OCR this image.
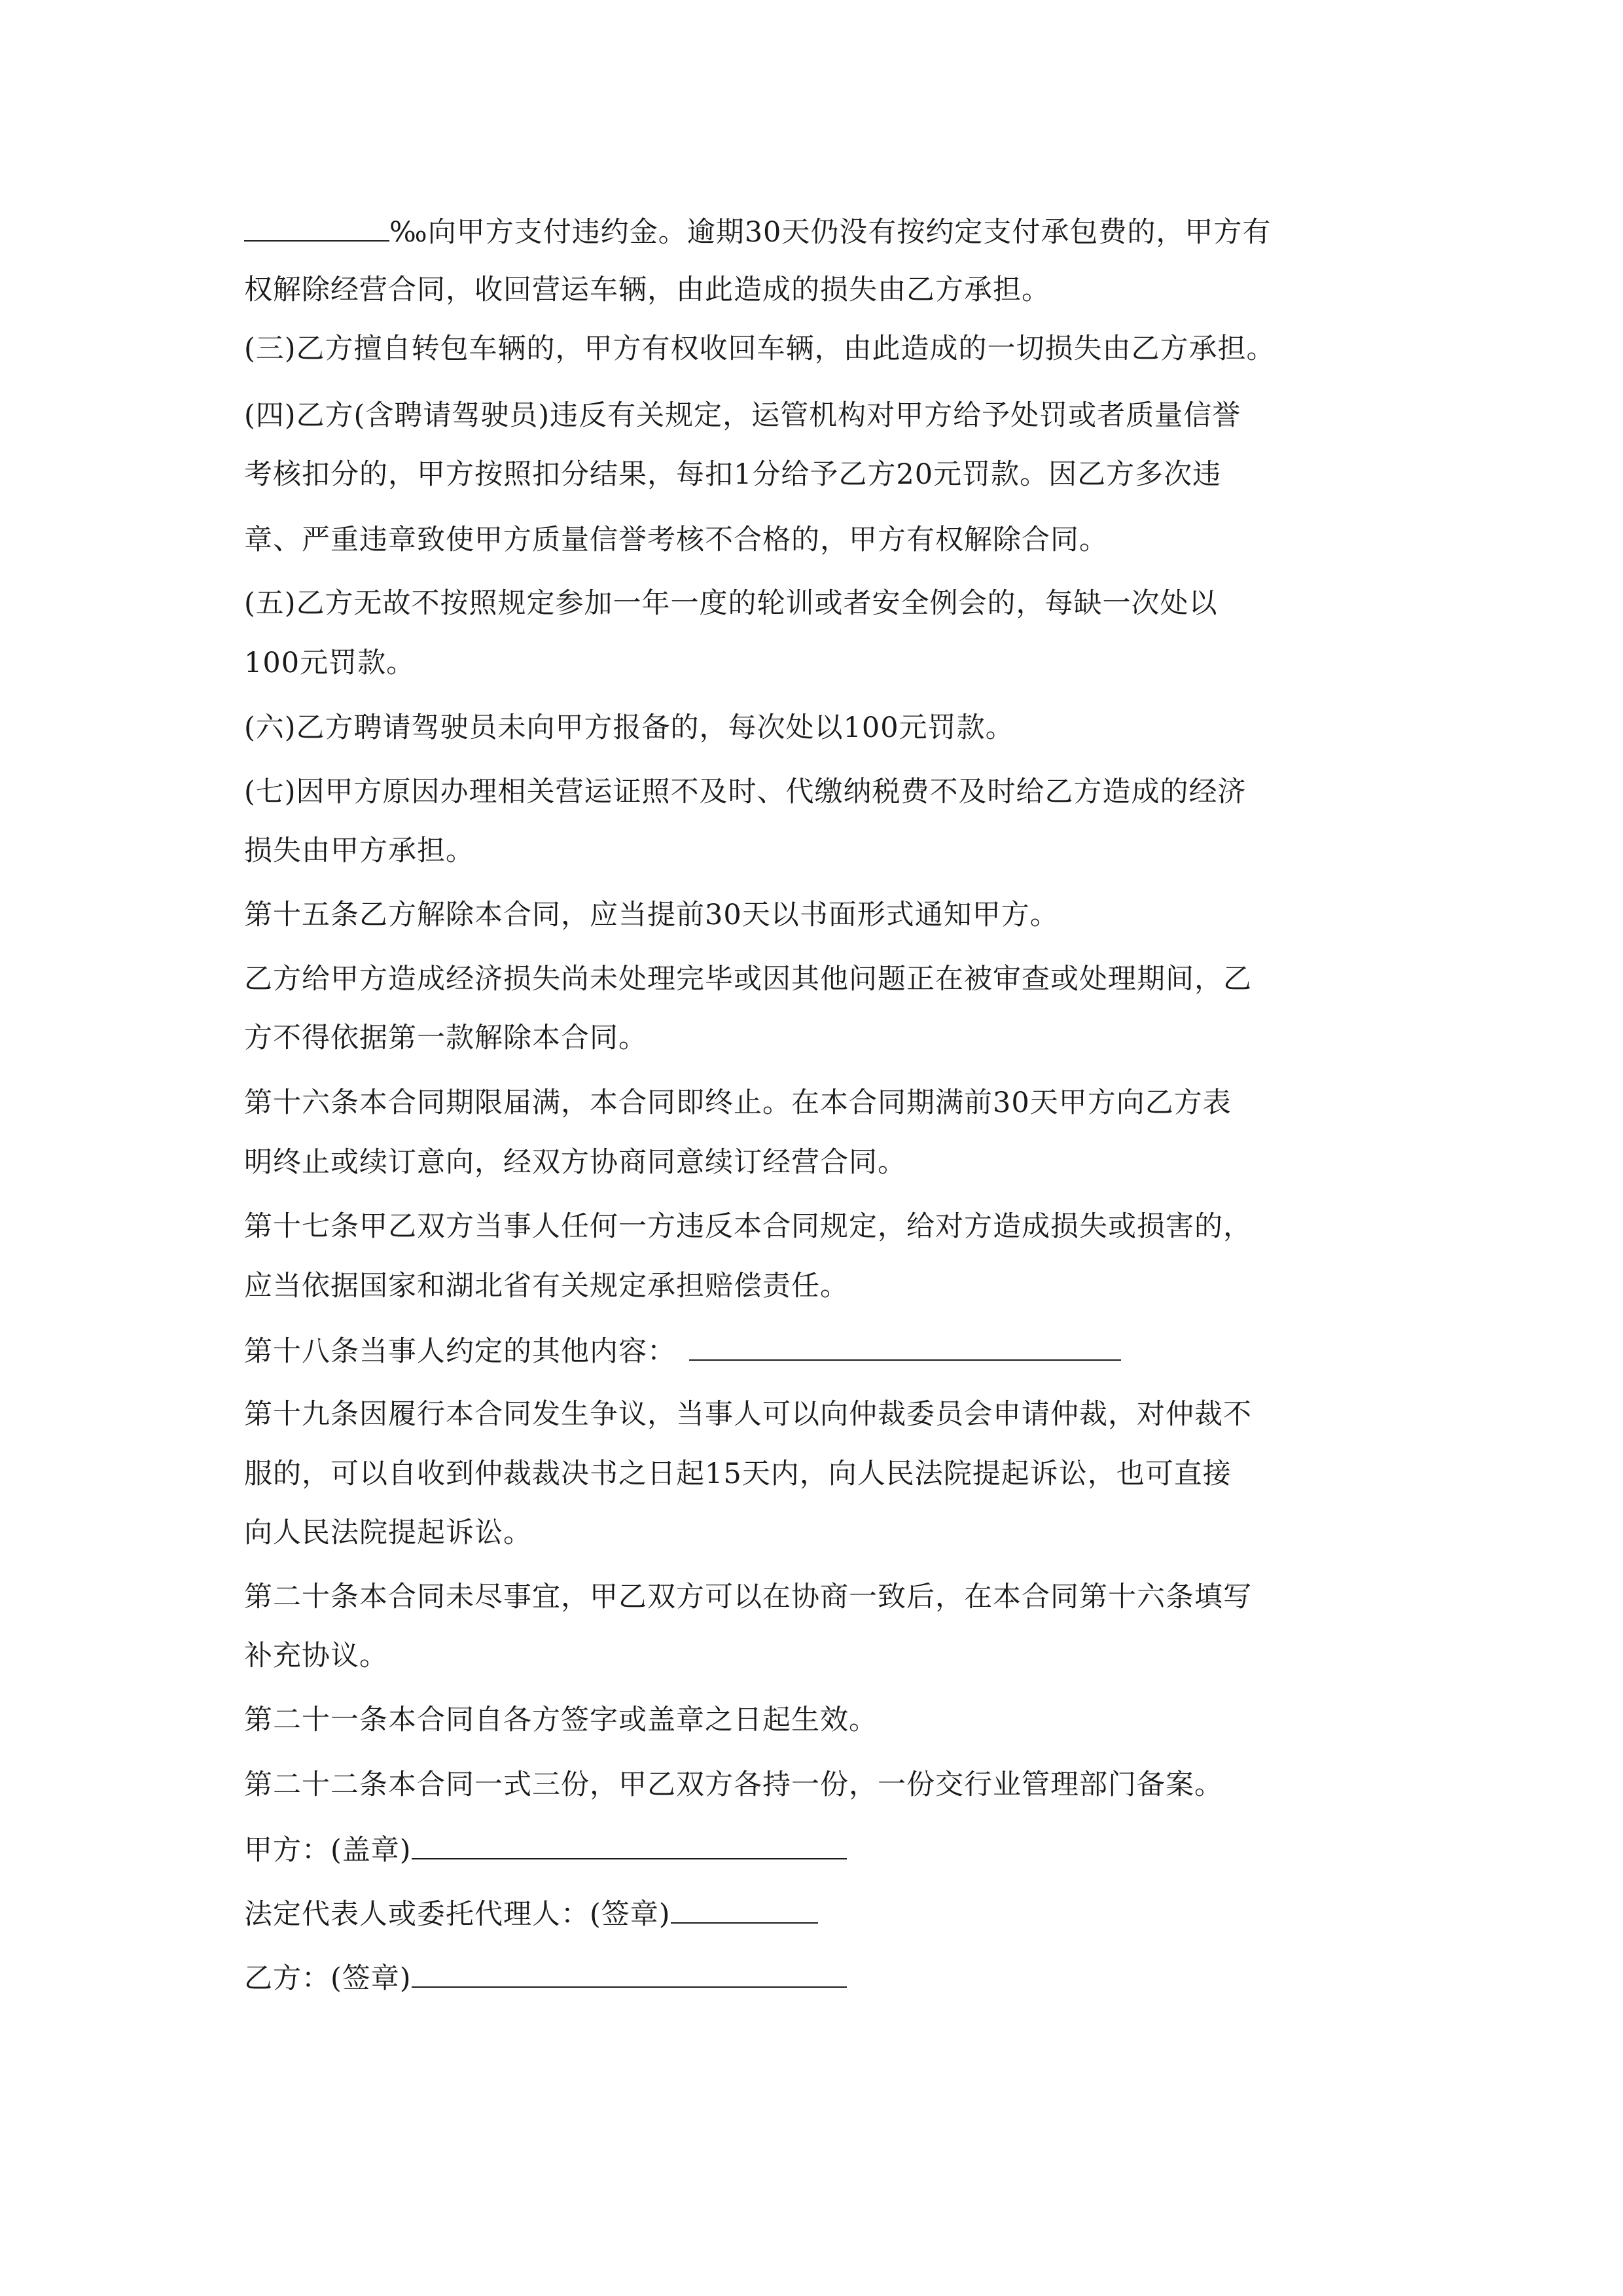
‰向甲方支付违约金。逾期30天仍没有按约定支付承包费的，甲方有
权解除经营合同，收回营运车辆，由此造成的损失由乙方承担。
(三)乙方擅自转包车辆的，甲方有权收回车辆，由此造成的一切损失由乙方承担。
(四)乙方(含聘请驾驶员)违反有关规定，运管机构对甲方给予处罚或者质量信誉
考核扣分的，甲方按照扣分结果，每扣1分给予乙方20元罚款。因乙方多次违
章、严重违章致使甲方质量信誉考核不合格的，甲方有权解除合同。
(五)乙方无故不按照规定参加一年一度的轮训或者安全例会的，每缺一次处以
100元罚款。
(六)乙方聘请驾驶员未向甲方报备的，每次处以100元罚款。
(七)因甲方原因办理相关营运证照不及时、代缴纳税费不及时给乙方造成的经济
损失由甲方承担。
第十五条乙方解除本合同，应当提前30天以书面形式通知甲方。
乙方给甲方造成经济损失尚未处理完毕或因其他问题正在被审查或处理期间，乙
方不得依据第一款解除本合同。
第十六条本合同期限届满，本合同即终止。在本合同期满前30天甲方向乙方表
明终止或续订意向，经双方协商同意续订经营合同。
第十七条甲乙双方当事人任何一方违反本合同规定，给对方造成损失或损害的，
应当依据国家和湖北省有关规定承担赔偿责任。
第十八条当事人约定的其他内容：
第十九条因履行本合同发生争议，当事人可以向仲裁委员会申请仲裁，对仲裁不
服的，可以自收到仲裁裁决书之日起15天内，向人民法院提起诉讼，也可直接
向人民法院提起诉讼。
第二十条本合同未尽事宜，甲乙双方可以在协商一致后，在本合同第十六条填写
补充协议。
第二十一条本合同自各方签字或盖章之日起生效。
第二十二条本合同一式三份，甲乙双方各持一份，一份交行业管理部门备案。
甲方：(盖章)
法定代表人或委托代理人：(签章)
乙方：(签章)
